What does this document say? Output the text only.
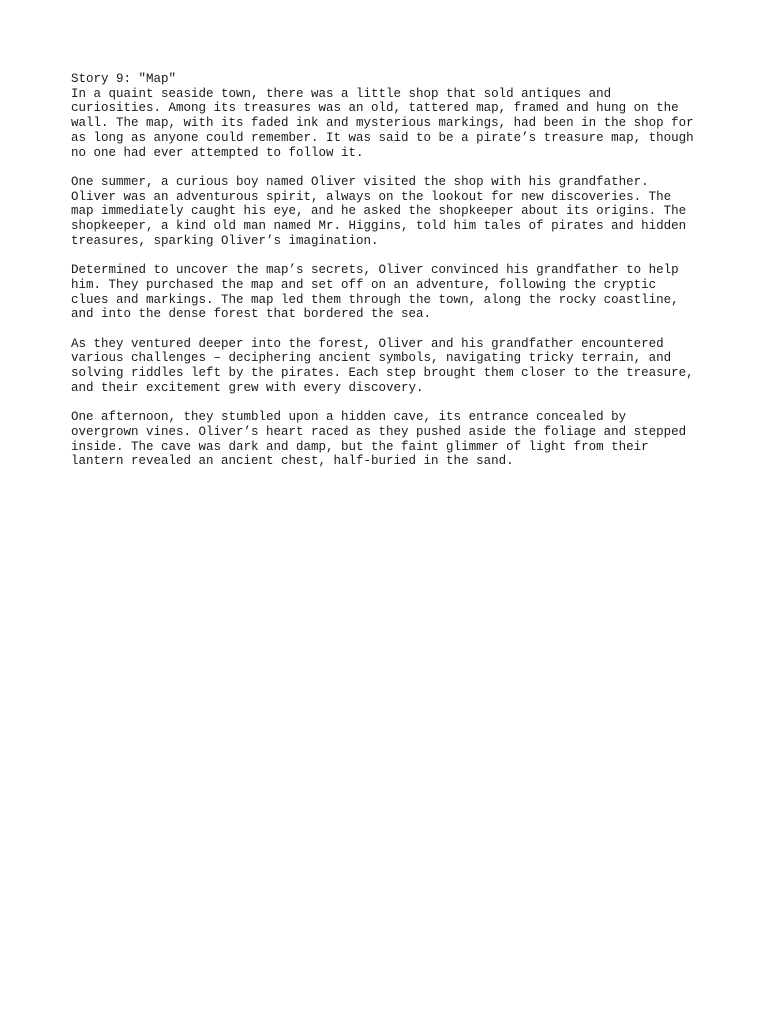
Story 9: "Map"
In a quaint seaside town, there was a little shop that sold antiques and
curiosities. Among its treasures was an old, tattered map, framed and hung on the
wall. The map, with its faded ink and mysterious markings, had been in the shop for
as long as anyone could remember. It was said to be a pirate’s treasure map, though
no one had ever attempted to follow it.
One summer, a curious boy named Oliver visited the shop with his grandfather.
Oliver was an adventurous spirit, always on the lookout for new discoveries. The
map immediately caught his eye, and he asked the shopkeeper about its origins. The
shopkeeper, a kind old man named Mr. Higgins, told him tales of pirates and hidden
treasures, sparking Oliver’s imagination.
Determined to uncover the map’s secrets, Oliver convinced his grandfather to help
him. They purchased the map and set off on an adventure, following the cryptic
clues and markings. The map led them through the town, along the rocky coastline,
and into the dense forest that bordered the sea.
As they ventured deeper into the forest, Oliver and his grandfather encountered
various challenges – deciphering ancient symbols, navigating tricky terrain, and
solving riddles left by the pirates. Each step brought them closer to the treasure,
and their excitement grew with every discovery.
One afternoon, they stumbled upon a hidden cave, its entrance concealed by
overgrown vines. Oliver’s heart raced as they pushed aside the foliage and stepped
inside. The cave was dark and damp, but the faint glimmer of light from their
lantern revealed an ancient chest, half-buried in the sand.
